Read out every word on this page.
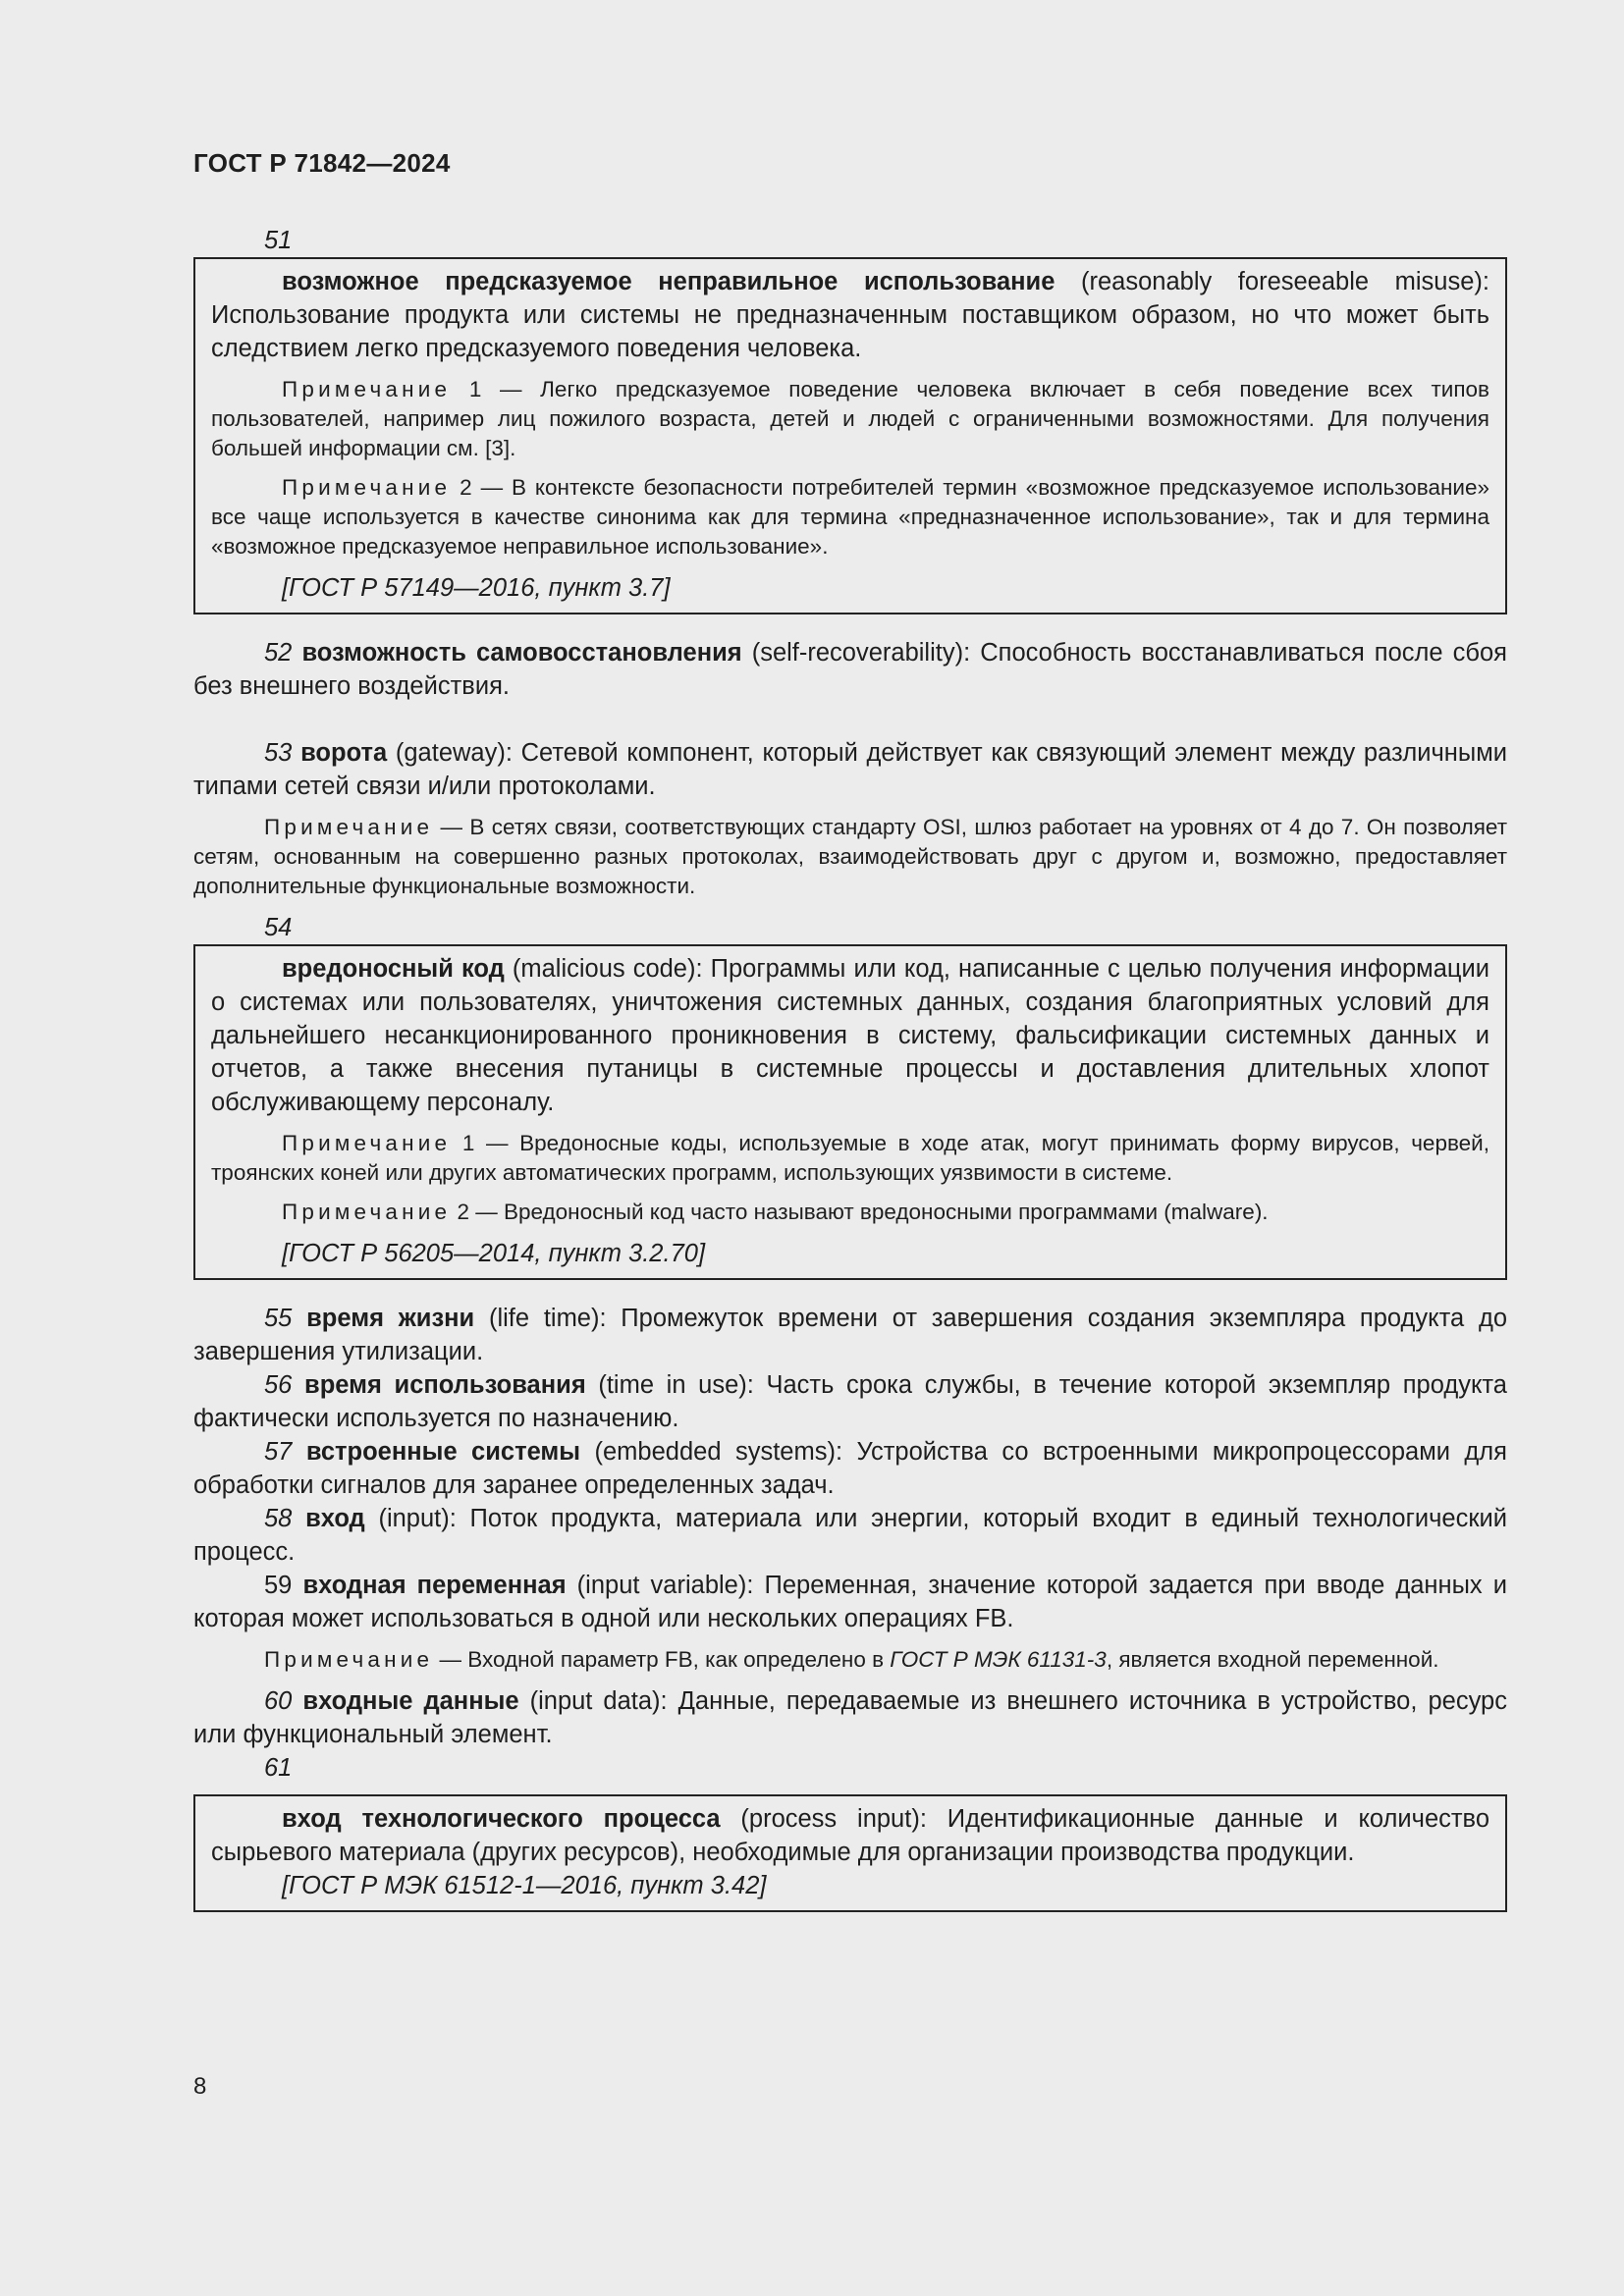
ГОСТ Р 71842—2024
51

возможное предсказуемое неправильное использование (reasonably foreseeable misuse): Использование продукта или системы не предназначенным поставщиком образом, но что может быть следствием легко предсказуемого поведения человека.

Примечание 1 — Легко предсказуемое поведение человека включает в себя поведение всех типов пользователей, например лиц пожилого возраста, детей и людей с ограниченными возможностями. Для получения большей информации см. [3].

Примечание 2 — В контексте безопасности потребителей термин «возможное предсказуемое использование» все чаще используется в качестве синонима как для термина «предназначенное использование», так и для термина «возможное предсказуемое неправильное использование».

[ГОСТ Р 57149—2016, пункт 3.7]

52 возможность самовосстановления (self-recoverability): Способность восстанавливаться после сбоя без внешнего воздействия.

53 ворота (gateway): Сетевой компонент, который действует как связующий элемент между различными типами сетей связи и/или протоколами.

Примечание — В сетях связи, соответствующих стандарту OSI, шлюз работает на уровнях от 4 до 7. Он позволяет сетям, основанным на совершенно разных протоколах, взаимодействовать друг с другом и, возможно, предоставляет дополнительные функциональные возможности.

54

вредоносный код (malicious code): Программы или код, написанные с целью получения информации о системах или пользователях, уничтожения системных данных, создания благоприятных условий для дальнейшего несанкционированного проникновения в систему, фальсификации системных данных и отчетов, а также внесения путаницы в системные процессы и доставления длительных хлопот обслуживающему персоналу.

Примечание 1 — Вредоносные коды, используемые в ходе атак, могут принимать форму вирусов, червей, троянских коней или других автоматических программ, использующих уязвимости в системе.

Примечание 2 — Вредоносный код часто называют вредоносными программами (malware).

[ГОСТ Р 56205—2014, пункт 3.2.70]

55 время жизни (life time): Промежуток времени от завершения создания экземпляра продукта до завершения утилизации.

56 время использования (time in use): Часть срока службы, в течение которой экземпляр продукта фактически используется по назначению.

57 встроенные системы (embedded systems): Устройства со встроенными микропроцессорами для обработки сигналов для заранее определенных задач.

58 вход (input): Поток продукта, материала или энергии, который входит в единый технологический процесс.

59 входная переменная (input variable): Переменная, значение которой задается при вводе данных и которая может использоваться в одной или нескольких операциях FB.

Примечание — Входной параметр FB, как определено в ГОСТ Р МЭК 61131-3, является входной переменной.

60 входные данные (input data): Данные, передаваемые из внешнего источника в устройство, ресурс или функциональный элемент.

61

вход технологического процесса (process input): Идентификационные данные и количество сырьевого материала (других ресурсов), необходимые для организации производства продукции.

[ГОСТ Р МЭК 61512-1—2016, пункт 3.42]

8
